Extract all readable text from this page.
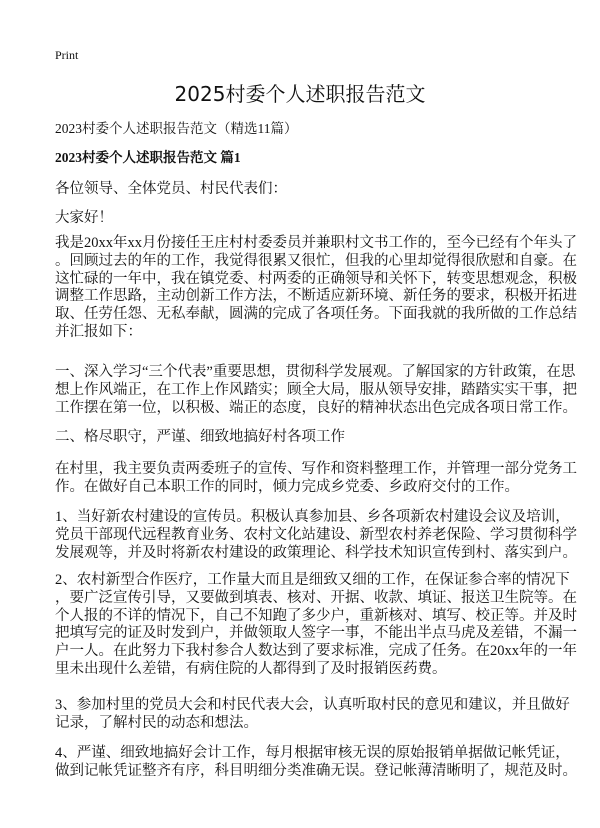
Print
2025村委个人述职报告范文
2023村委个人述职报告范文（精选11篇）
2023村委个人述职报告范文 篇1
各位领导、全体党员、村民代表们：
大家好！
我是20xx年xx月份接任王庄村村委委员并兼职村文书工作的，至今已经有个年头了
。回顾过去的年的工作，我觉得很累又很忙，但我的心里却觉得很欣慰和自豪。在
这忙碌的一年中，我在镇党委、村两委的正确领导和关怀下，转变思想观念，积极
调整工作思路，主动创新工作方法，不断适应新环境、新任务的要求，积极开拓进
取、任劳任怨、无私奉献，圆满的完成了各项任务。下面我就的我所做的工作总结
并汇报如下：
一、深入学习“三个代表”重要思想，贯彻科学发展观。了解国家的方针政策，在思
想上作风端正，在工作上作风踏实；顾全大局，服从领导安排，踏踏实实干事，把
工作摆在第一位，以积极、端正的态度，良好的精神状态出色完成各项日常工作。
二、格尽职守，严谨、细致地搞好村各项工作
在村里，我主要负责两委班子的宣传、写作和资料整理工作，并管理一部分党务工
作。在做好自己本职工作的同时，倾力完成乡党委、乡政府交付的工作。
1、当好新农村建设的宣传员。积极认真参加县、乡各项新农村建设会议及培训，
党员干部现代远程教育业务、农村文化站建设、新型农村养老保险、学习贯彻科学
发展观等，并及时将新农村建设的政策理论、科学技术知识宣传到村、落实到户。
2、农村新型合作医疗，工作量大而且是细致又细的工作，在保证参合率的情况下
，要广泛宣传引导，又要做到填表、核对、开据、收款、填证、报送卫生院等。在
个人报的不详的情况下，自己不知跑了多少户，重新核对、填写、校正等。并及时
把填写完的证及时发到户，并做领取人签字一事，不能出半点马虎及差错，不漏一
户一人。在此努力下我村参合人数达到了要求标准，完成了任务。在20xx年的一年
里未出现什么差错，有病住院的人都得到了及时报销医药费。
3、参加村里的党员大会和村民代表大会，认真听取村民的意见和建议，并且做好
记录，了解村民的动态和想法。
4、严谨、细致地搞好会计工作，每月根据审核无误的原始报销单据做记帐凭证，
做到记帐凭证整齐有序，科目明细分类准确无误。登记帐薄清晰明了，规范及时。
